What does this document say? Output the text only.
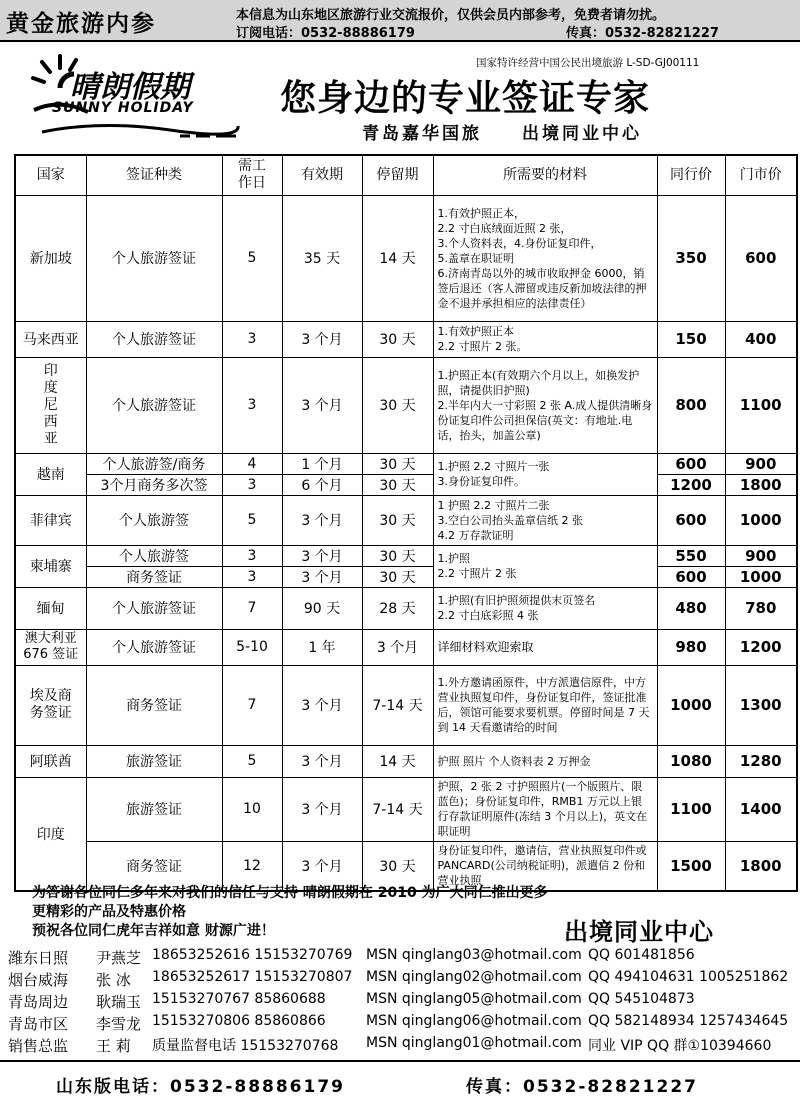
黄金旅游内参	本信息为山东地区旅游行业交流报价，仅供会员内部参考，免费者请勿扰。
订阅电话：0532-88886179	传真：0532-82821227
晴朗假期
SUNNY HOLIDAY
国家特许经营中国公民出境旅游 L-SD-GJ00111
您身边的专业签证专家
青岛嘉华国旅 出境同业中心
国家	签证种类	需工
作日	有效期	停留期	所需要的材料	同行价	门市价
新加坡	个人旅游签证	5	35 天	14 天	1.有效护照正本，
2.2 寸白底绒面近照 2 张，
3.个人资料表，4.身份证复印件，
5.盖章在职证明
6.济南青岛以外的城市收取押金 6000，销签后退还（客人滞留或违反新加坡法律的押金不退并承担相应的法律责任）	350	600
马来西亚	个人旅游签证	3	3 个月	30 天	1.有效护照正本
2.2 寸照片 2 张。	150	400
印度尼西亚	个人旅游签证	3	3 个月	30 天	1.护照正本(有效期六个月以上，如换发护照，请提供旧护照)
2.半年内大一寸彩照 2 张 A.成人提供清晰身份证复印件公司担保信(英文：有地址.电话，抬头，加盖公章)	800	1100
越南	个人旅游签/商务	4	1 个月	30 天	1.护照 2.2 寸照片一张
3.身份证复印件。	600	900
	3个月商务多次签	3	6 个月	30 天		1200	1800
菲律宾	个人旅游签	5	3 个月	30 天	1 护照 2.2 寸照片二张
3.空白公司抬头盖章信纸 2 张
4.2 万存款证明	600	1000
柬埔寨	个人旅游签	3	3 个月	30 天	1.护照
2.2 寸照片 2 张	550	900
	商务签证	3	3 个月	30 天		600	1000
缅甸	个人旅游签证	7	90 天	28 天	1.护照(有旧护照须提供末页签名
2.2 寸白底彩照 4 张	480	780
澳大利亚676 签证	个人旅游签证	5-10	1 年	3 个月	详细材料欢迎索取	980	1200
埃及商务签证	商务签证	7	3 个月	7-14 天	1.外方邀请函原件，中方派遣信原件，中方营业执照复印件，身份证复印件，签证批准后，领馆可能要求要机票。停留时间是 7 天到 14 天看邀请给的时间	1000	1300
阿联酋	旅游签证	5	3 个月	14 天	护照 照片 个人资料表 2 万押金	1080	1280
印度	旅游签证	10	3 个月	7-14 天	护照，2 张 2 寸护照照片(一个版照片、限蓝色)；身份证复印件，RMB1 万元以上银行存款证明原件(冻结 3 个月以上)，英文在职证明	1100	1400
	商务签证	12	3 个月	30 天	身份证复印件，邀请信，营业执照复印件或 PANCARD(公司纳税证明)，派遣信 2 份和营业执照	1500	1800
为答谢各位同仁多年来对我们的信任与支持 晴朗假期在 2010 为广大同仁推出更多
更精彩的产品及特惠价格
预祝各位同仁虎年吉祥如意 财源广进！	出境同业中心
潍东日照 尹燕芝 18653252616 15153270769 MSN qinglang03@hotmail.com QQ 601481856
烟台威海 张 冰 18653252617 15153270807 MSN qinglang02@hotmail.com QQ 494104631 1005251862
青岛周边 耿瑞玉 15153270767 85860688	MSN qinglang05@hotmail.com QQ 545104873
青岛市区 李雪龙 15153270806 85860866	MSN qinglang06@hotmail.com QQ 582148934 1257434645
销售总监 王 莉 质量监督电话 15153270768 MSN qinglang01@hotmail.com 同业 VIP QQ 群①10394660
山东版电话：0532-88886179	传真：0532-82821227
